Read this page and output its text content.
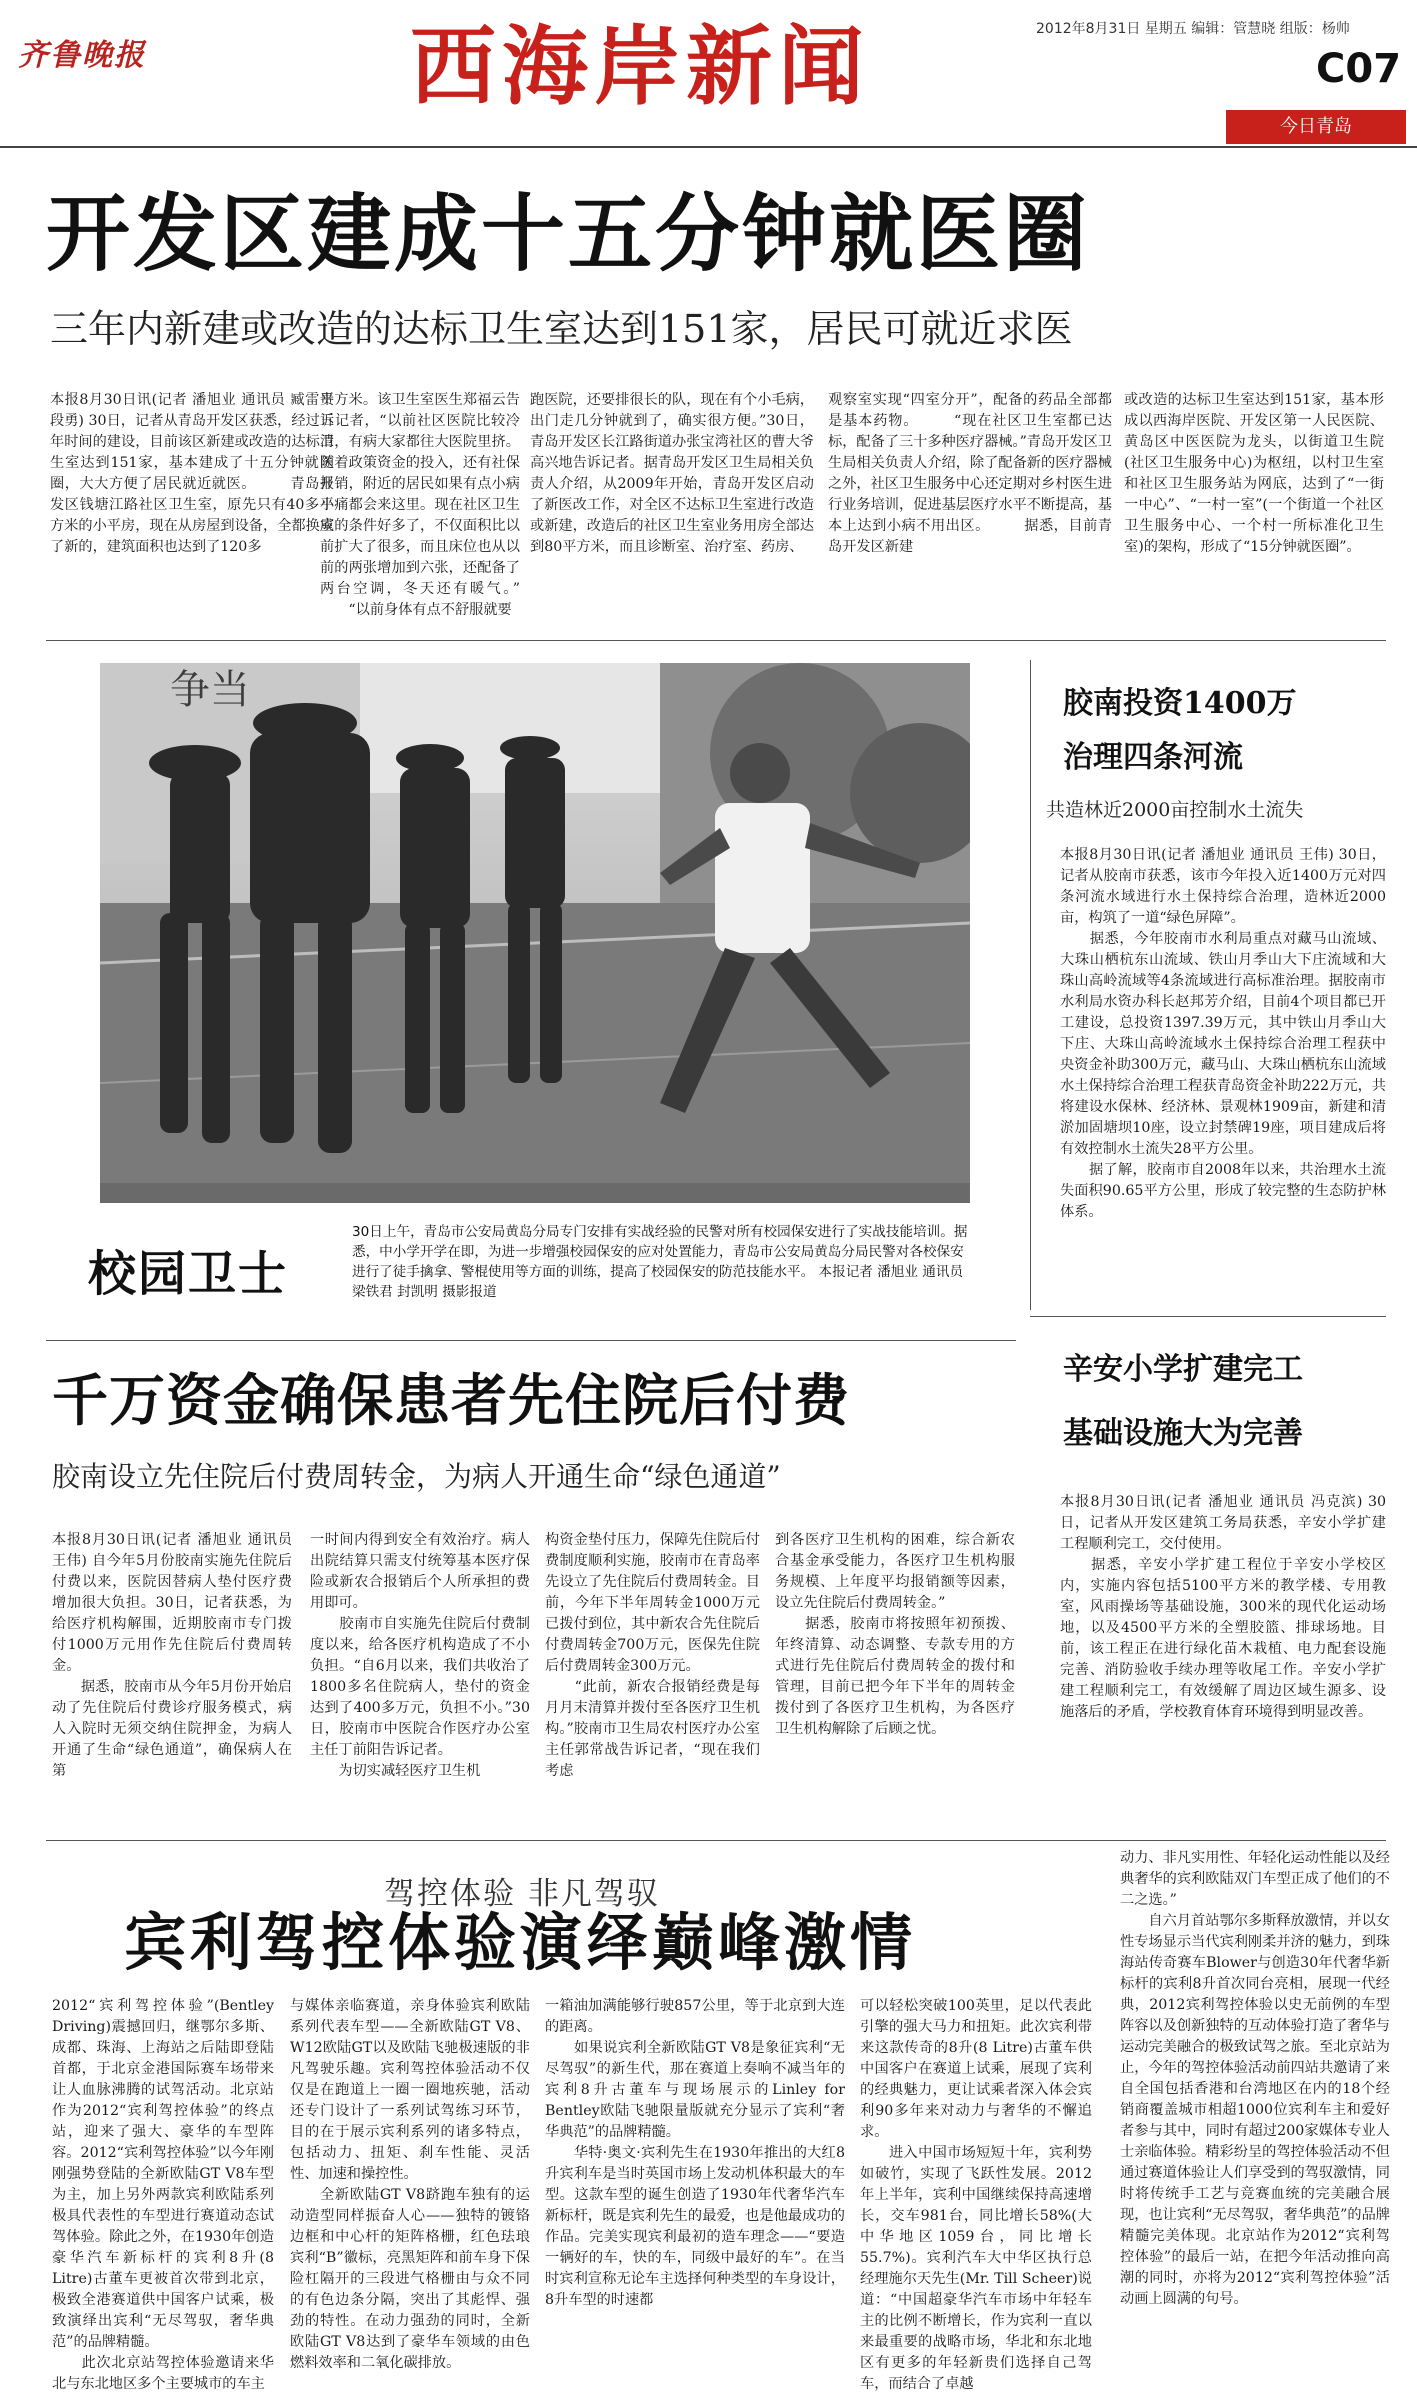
齐鲁晚报	西海岸新闻	2012年8月31日 星期五 编辑：管慧晓 组版：杨帅
C07
今日青岛
开发区建成十五分钟就医圈
三年内新建或改造的达标卫生室达到151家，居民可就近求医
本报8月30日讯(记者 潘旭业 通讯员 臧雷贵 段勇) 30日，记者从青岛开发区获悉，经过三年时间的建设，目前该区新建或改造的达标卫生室达到151家，基本建成了十五分钟就医圈，大大方便了居民就近就医。 　　青岛开发区钱塘江路社区卫生室，原先只有40多平方米的小平房，现在从房屋到设备，全都换成了新的，建筑面积也达到了120多
平方米。该卫生室医生郑福云告诉记者，“以前社区医院比较冷清，有病大家都往大医院里挤。随着政策资金的投入，还有社保报销，附近的居民如果有点小病小痛都会来这里。现在社区卫生室的条件好多了，不仅面积比以前扩大了很多，而且床位也从以前的两张增加到六张，还配备了两台空调，冬天还有暖气。” 　　“以前身体有点不舒服就要
跑医院，还要排很长的队，现在有个小毛病，出门走几分钟就到了，确实很方便。”30日，青岛开发区长江路街道办张宝湾社区的曹大爷高兴地告诉记者。据青岛开发区卫生局相关负责人介绍，从2009年开始，青岛开发区启动了新医改工作，对全区不达标卫生室进行改造或新建，改造后的社区卫生室业务用房全部达到80平方米，而且诊断室、治疗室、药房、
观察室实现“四室分开”，配备的药品全部都是基本药物。 　　“现在社区卫生室都已达标，配备了三十多种医疗器械。”青岛开发区卫生局相关负责人介绍，除了配备新的医疗器械之外，社区卫生服务中心还定期对乡村医生进行业务培训，促进基层医疗水平不断提高，基本上达到小病不用出区。 　　据悉，目前青岛开发区新建
或改造的达标卫生室达到151家，基本形成以西海岸医院、开发区第一人民医院、黄岛区中医医院为龙头，以街道卫生院(社区卫生服务中心)为枢纽，以村卫生室和社区卫生服务站为网底，达到了“一街一中心”、“一村一室”(一个街道一个社区卫生服务中心、一个村一所标准化卫生室)的架构，形成了“15分钟就医圈”。
争当
校园卫士
30日上午，青岛市公安局黄岛分局专门安排有实战经验的民警对所有校园保安进行了实战技能培训。据悉，中小学开学在即，为进一步增强校园保安的应对处置能力，青岛市公安局黄岛分局民警对各校保安进行了徒手擒拿、警棍使用等方面的训练，提高了校园保安的防范技能水平。 本报记者 潘旭业 通讯员 梁铁君 封凯明 摄影报道
胶南投资1400万
治理四条河流
共造林近2000亩控制水土流失
本报8月30日讯(记者 潘旭业 通讯员 王伟) 30日，记者从胶南市获悉，该市今年投入近1400万元对四条河流水域进行水土保持综合治理，造林近2000亩，构筑了一道“绿色屏障”。
　　据悉，今年胶南市水利局重点对藏马山流域、大珠山栖杭东山流域、铁山月季山大下庄流域和大珠山高岭流域等4条流域进行高标准治理。据胶南市水利局水资办科长赵邦芳介绍，目前4个项目都已开工建设，总投资1397.39万元，其中铁山月季山大下庄、大珠山高岭流域水土保持综合治理工程获中央资金补助300万元，藏马山、大珠山栖杭东山流域水土保持综合治理工程获青岛资金补助222万元，共将建设水保林、经济林、景观林1909亩，新建和清淤加固塘坝10座，设立封禁碑19座，项目建成后将有效控制水土流失28平方公里。
　　据了解，胶南市自2008年以来，共治理水土流失面积90.65平方公里，形成了较完整的生态防护林体系。
辛安小学扩建完工
基础设施大为完善
本报8月30日讯(记者 潘旭业 通讯员 冯克滨) 30日，记者从开发区建筑工务局获悉，辛安小学扩建工程顺利完工，交付使用。
　　据悉，辛安小学扩建工程位于辛安小学校区内，实施内容包括5100平方米的教学楼、专用教室，风雨操场等基础设施，300米的现代化运动场地，以及4500平方米的全塑胶篮、排球场地。目前，该工程正在进行绿化苗木栽植、电力配套设施完善、消防验收手续办理等收尾工作。辛安小学扩建工程顺利完工，有效缓解了周边区域生源多、设施落后的矛盾，学校教育体育环境得到明显改善。
千万资金确保患者先住院后付费
胶南设立先住院后付费周转金，为病人开通生命“绿色通道”
本报8月30日讯(记者 潘旭业 通讯员 王伟) 自今年5月份胶南实施先住院后付费以来，医院因替病人垫付医疗费增加很大负担。30日，记者获悉，为给医疗机构解围，近期胶南市专门拨付1000万元用作先住院后付费周转金。
　　据悉，胶南市从今年5月份开始启动了先住院后付费诊疗服务模式，病人入院时无须交纳住院押金，为病人开通了生命“绿色通道”，确保病人在第
一时间内得到安全有效治疗。病人出院结算只需支付统筹基本医疗保险或新农合报销后个人所承担的费用即可。
　　胶南市自实施先住院后付费制度以来，给各医疗机构造成了不小负担。“自6月以来，我们共收治了1800多名住院病人，垫付的资金达到了400多万元，负担不小。”30日，胶南市中医院合作医疗办公室主任丁前阳告诉记者。
　　为切实减轻医疗卫生机
构资金垫付压力，保障先住院后付费制度顺利实施，胶南市在青岛率先设立了先住院后付费周转金。目前，今年下半年周转金1000万元已拨付到位，其中新农合先住院后付费周转金700万元，医保先住院后付费周转金300万元。
　　“此前，新农合报销经费是每月月末清算并拨付至各医疗卫生机构。”胶南市卫生局农村医疗办公室主任郭常战告诉记者，“现在我们考虑
到各医疗卫生机构的困难，综合新农合基金承受能力，各医疗卫生机构服务规模、上年度平均报销额等因素，设立先住院后付费周转金。”
　　据悉，胶南市将按照年初预拨、年终清算、动态调整、专款专用的方式进行先住院后付费周转金的拨付和管理，目前已把今年下半年的周转金拨付到了各医疗卫生机构，为各医疗卫生机构解除了后顾之忧。
驾控体验 非凡驾驭
宾利驾控体验演绎巅峰激情
2012“宾利驾控体验”(Bentley Driving)震撼回归，继鄂尔多斯、成都、珠海、上海站之后陆即登陆首都，于北京金港国际赛车场带来让人血脉沸腾的试驾活动。北京站作为2012“宾利驾控体验”的终点站，迎来了强大、豪华的车型阵容。2012“宾利驾控体验”以今年刚刚强势登陆的全新欧陆GT V8车型为主，加上另外两款宾利欧陆系列极具代表性的车型进行赛道动态试驾体验。除此之外，在1930年创造豪华汽车新标杆的宾利8升(8 Litre)古董车更被首次带到北京，极致全港赛道供中国客户试乘，极致演绎出宾利“无尽驾驭，奢华典范”的品牌精髓。
　　此次北京站驾控体验邀请来华北与东北地区多个主要城市的车主
与媒体亲临赛道，亲身体验宾利欧陆系列代表车型——全新欧陆GT V8、W12欧陆GT以及欧陆飞驰极速版的非凡驾驶乐趣。宾利驾控体验活动不仅仅是在跑道上一圈一圈地疾驰，活动还专门设计了一系列试驾练习环节，目的在于展示宾利系列的诸多特点，包括动力、扭矩、刹车性能、灵活性、加速和操控性。
　　全新欧陆GT V8跻跑车独有的运动造型同样振奋人心——独特的镀铬边框和中心杆的矩阵格栅，红色珐琅宾利“B”徽标，亮黑矩阵和前车身下保险杠隔开的三段进气格栅由与众不同的有色边条分隔，突出了其彪悍、强劲的特性。在动力强劲的同时，全新欧陆GT V8达到了豪华车领域的由色燃料效率和二氧化碳排放。
一箱油加满能够行驶857公里，等于北京到大连的距离。
　　如果说宾利全新欧陆GT V8是象征宾利“无尽驾驭”的新生代，那在赛道上奏响不减当年的宾利8升古董车与现场展示的Linley for Bentley欧陆飞驰限量版就充分显示了宾利“奢华典范”的品牌精髓。
　　华特·奥文·宾利先生在1930年推出的大红8升宾利车是当时英国市场上发动机体积最大的车型。这款车型的诞生创造了1930年代奢华汽车新标杆，既是宾利先生的最爱，也是他最成功的作品。完美实现宾利最初的造车理念——“要造一辆好的车，快的车，同级中最好的车”。在当时宾利宣称无论车主选择何种类型的车身设计，8升车型的时速都
可以轻松突破100英里，足以代表此引擎的强大马力和扭矩。此次宾利带来这款传奇的8升(8 Litre)古董车供中国客户在赛道上试乘，展现了宾利的经典魅力，更让试乘者深入体会宾利90多年来对动力与奢华的不懈追求。
　　进入中国市场短短十年，宾利势如破竹，实现了飞跃性发展。2012年上半年，宾利中国继续保持高速增长，交车981台，同比增长58%(大中华地区1059台，同比增长55.7%)。宾利汽车大中华区执行总经理施尔天先生(Mr. Till Scheer)说道：“中国超豪华汽车市场中年轻车主的比例不断增长，作为宾利一直以来最重要的战略市场，华北和东北地区有更多的年轻新贵们选择自己驾车，而结合了卓越
动力、非凡实用性、年轻化运动性能以及经典奢华的宾利欧陆双门车型正成了他们的不二之选。”
　　自六月首站鄂尔多斯释放激情，并以女性专场显示当代宾利刚柔并济的魅力，到珠海站传奇赛车Blower与创造30年代奢华新标杆的宾利8升首次同台亮相，展现一代经典，2012宾利驾控体验以史无前例的车型阵容以及创新独特的互动体验打造了奢华与运动完美融合的极致试驾之旅。至北京站为止，今年的驾控体验活动前四站共邀请了来自全国包括香港和台湾地区在内的18个经销商覆盖城市相超1000位宾利车主和爱好者参与其中，同时有超过200家媒体专业人士亲临体验。精彩纷呈的驾控体验活动不但通过赛道体验让人们享受到的驾驭激情，同时将传统手工艺与竞赛血统的完美融合展现，也让宾利“无尽驾驭，奢华典范”的品牌精髓完美体现。北京站作为2012“宾利驾控体验”的最后一站，在把今年活动推向高潮的同时，亦将为2012“宾利驾控体验”活动画上圆满的句号。
